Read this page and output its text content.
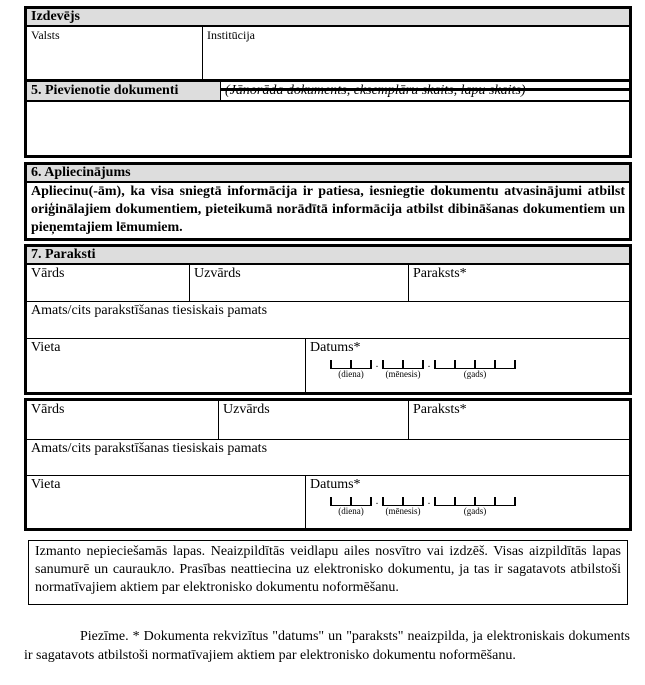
Izdevējs
Valsts	Institūcija
5. Pievienotie dokumenti	(Jānorāda dokuments, eksemplāru skaits, lapu skaits)
6. Apliecinājums
Apliecinu(-ām), ka visa sniegtā informācija ir patiesa, iesniegtie dokumentu atvasinājumi atbilst oriģinālajiem dokumentiem, pieteikumā norādītā informācija atbilst dibināšanas dokumentiem un pieņemtajiem lēmumiem.
7. Paraksti
Vārds	Uzvārds	Paraksts*
Amats/cits parakstīšanas tiesiskais pamats
Vieta	Datums*
(diena)
.
(mēnesis)
.
(gads)
Vārds	Uzvārds	Paraksts*
Amats/cits parakstīšanas tiesiskais pamats
Vieta	Datums*
(diena)
.
(mēnesis)
.
(gads)
Izmanto nepieciešamās lapas. Neaizpildītās veidlapu ailes nosvītro vai izdzēš. Visas aizpildītās lapas sanumurē un cauraukло. Prasības neattiecina uz elektronisko dokumentu, ja tas ir sagatavots atbilstoši normatīvajiem aktiem par elektronisko dokumentu noformēšanu.
Piezīme. * Dokumenta rekvizītus "datums" un "paraksts" neaizpilda, ja elektroniskais dokuments ir sagatavots atbilstoši normatīvajiem aktiem par elektronisko dokumentu noformēšanu.
